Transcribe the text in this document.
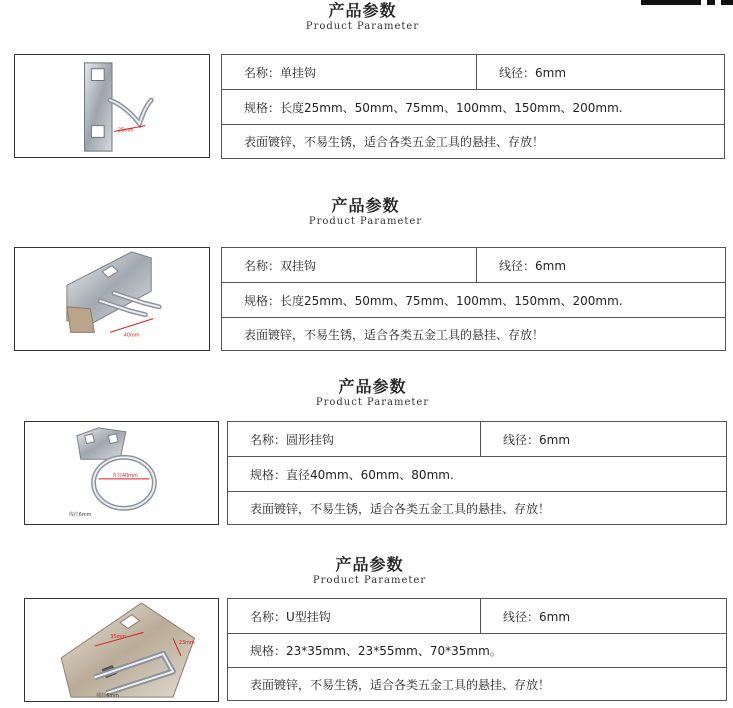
产品参数
Product Parameter
25mm
名称：单挂钩	线径：6mm
规格：长度25mm、50mm、75mm、100mm、150mm、200mm.
表面镀锌，不易生锈，适合各类五金工具的悬挂、存放！
产品参数
Product Parameter
40mm
名称：双挂钩	线径：6mm
规格：长度25mm、50mm、75mm、100mm、150mm、200mm.
表面镀锌，不易生锈，适合各类五金工具的悬挂、存放！
产品参数
Product Parameter
直径40mm
线径6mm
名称：圆形挂钩	线径：6mm
规格：直径40mm、60mm、80mm.
表面镀锌，不易生锈，适合各类五金工具的悬挂、存放！
产品参数
Product Parameter
35mm
23mm
线径6mm
名称：U型挂钩	线径：6mm
规格：23*35mm、23*55mm、70*35mm。
表面镀锌，不易生锈，适合各类五金工具的悬挂、存放！
